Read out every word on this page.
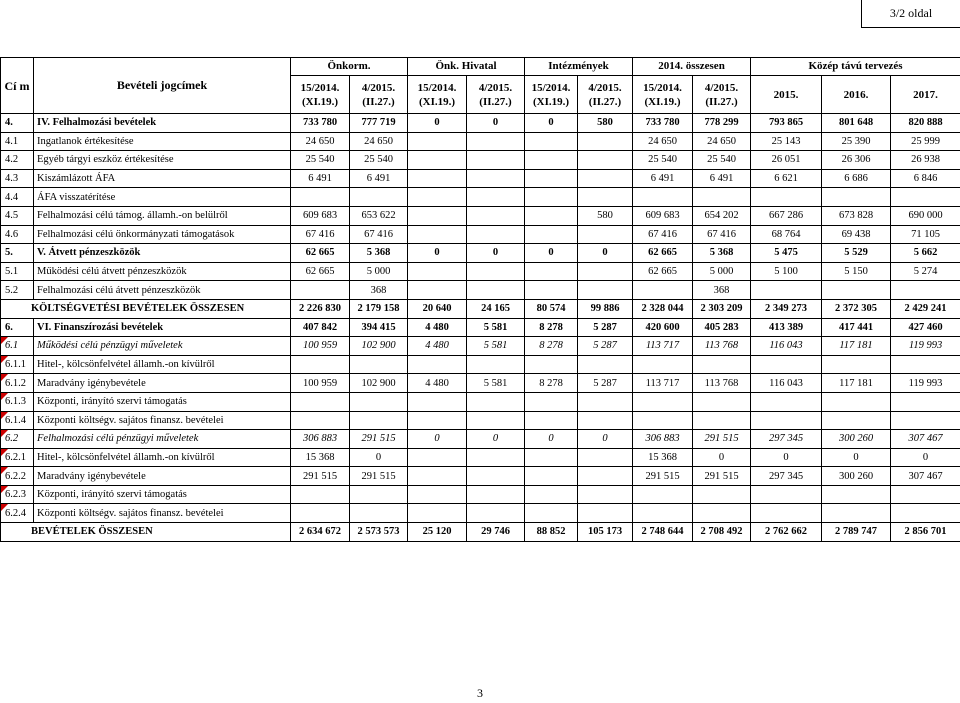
3/2 oldal
Cí m	Bevételi jogcímek	Önkorm.		Önk. Hivatal		Intézmények		2014. összesen		Közép távú tervezés		
		15/2014. (XI.19.)	4/2015. (II.27.)	15/2014. (XI.19.)	4/2015. (II.27.)	15/2014. (XI.19.)	4/2015. (II.27.)	15/2014. (XI.19.)	4/2015. (II.27.)	2015.	2016.	2017.
4.	IV. Felhalmozási bevételek	733 780	777 719	0	0	0	580	733 780	778 299	793 865	801 648	820 888
4.1	Ingatlanok értékesítése	24 650	24 650					24 650	24 650	25 143	25 390	25 999
4.2	Egyéb tárgyi eszköz értékesítése	25 540	25 540					25 540	25 540	26 051	26 306	26 938
4.3	Kiszámlázott ÁFA	6 491	6 491					6 491	6 491	6 621	6 686	6 846
4.4	ÁFA visszatérítése											
4.5	Felhalmozási célú támog. államh.-on belülről	609 683	653 622				580	609 683	654 202	667 286	673 828	690 000
4.6	Felhalmozási célú önkormányzati támogatások	67 416	67 416					67 416	67 416	68 764	69 438	71 105
5.	V. Átvett pénzeszközök	62 665	5 368	0	0	0	0	62 665	5 368	5 475	5 529	5 662
5.1	Működési célú átvett pénzeszközök	62 665	5 000					62 665	5 000	5 100	5 150	5 274
5.2	Felhalmozási célú átvett pénzeszközök		368						368			
KÖLTSÉGVETÉSI BEVÉTELEK ÖSSZESEN		2 226 830	2 179 158	20 640	24 165	80 574	99 886	2 328 044	2 303 209	2 349 273	2 372 305	2 429 241
6.	VI. Finanszírozási bevételek	407 842	394 415	4 480	5 581	8 278	5 287	420 600	405 283	413 389	417 441	427 460
6.1	Működési célú pénzügyi műveletek	100 959	102 900	4 480	5 581	8 278	5 287	113 717	113 768	116 043	117 181	119 993
6.1.1	Hitel-, kölcsönfelvétel államh.-on kívülről											
6.1.2	Maradvány igénybevétele	100 959	102 900	4 480	5 581	8 278	5 287	113 717	113 768	116 043	117 181	119 993
6.1.3	Központi, irányító szervi támogatás											
6.1.4	Központi költségv. sajátos finansz. bevételei											
6.2	Felhalmozási célú pénzügyi műveletek	306 883	291 515	0	0	0	0	306 883	291 515	297 345	300 260	307 467
6.2.1	Hitel-, kölcsönfelvétel államh.-on kívülről	15 368	0					15 368	0	0	0	0
6.2.2	Maradvány igénybevétele	291 515	291 515					291 515	291 515	297 345	300 260	307 467
6.2.3	Központi, irányító szervi támogatás											
6.2.4	Központi költségv. sajátos finansz. bevételei											
BEVÉTELEK ÖSSZESEN		2 634 672	2 573 573	25 120	29 746	88 852	105 173	2 748 644	2 708 492	2 762 662	2 789 747	2 856 701
3
